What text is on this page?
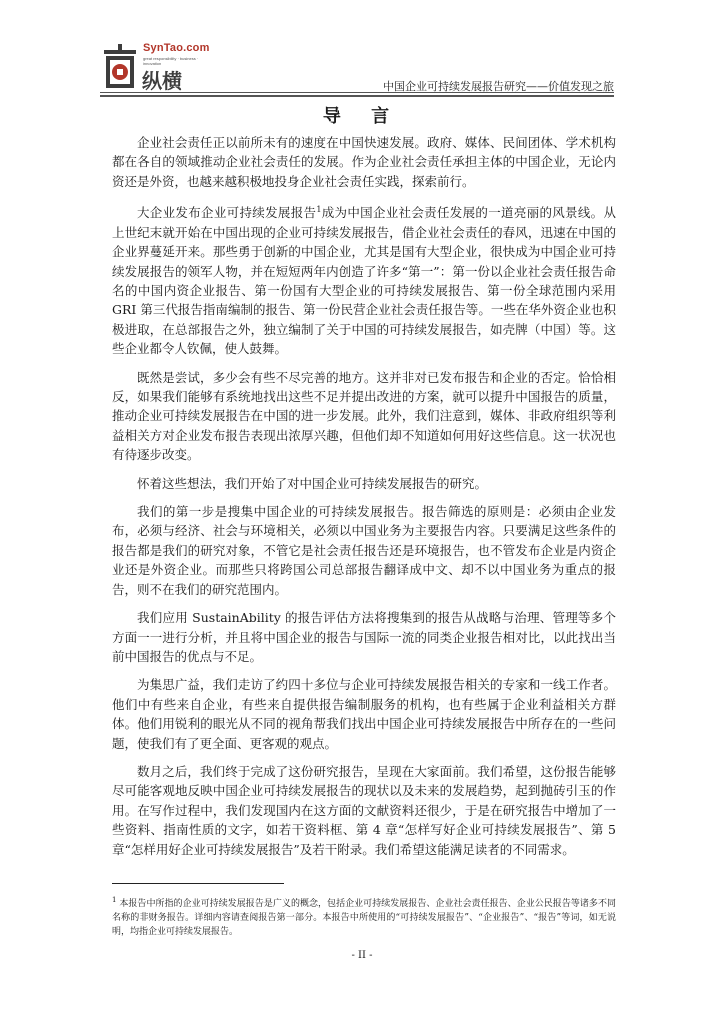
SynTao.com
great responsibility · business · innovation
纵横	中国企业可持续发展报告研究——价值发现之旅
导 言

企业社会责任正以前所未有的速度在中国快速发展。政府、媒体、民间团体、学术机构都在各自的领域推动企业社会责任的发展。作为企业社会责任承担主体的中国企业，无论内资还是外资，也越来越积极地投身企业社会责任实践，探索前行。

大企业发布企业可持续发展报告$^1$成为中国企业社会责任发展的一道亮丽的风景线。从上世纪末就开始在中国出现的企业可持续发展报告，借企业社会责任的春风，迅速在中国的企业界蔓延开来。那些勇于创新的中国企业，尤其是国有大型企业，很快成为中国企业可持续发展报告的领军人物，并在短短两年内创造了许多“第一”：第一份以企业社会责任报告命名的中国内资企业报告、第一份国有大型企业的可持续发展报告、第一份全球范围内采用 GRI 第三代报告指南编制的报告、第一份民营企业社会责任报告等。一些在华外资企业也积极进取，在总部报告之外，独立编制了关于中国的可持续发展报告，如壳牌（中国）等。这些企业都令人钦佩，使人鼓舞。

既然是尝试，多少会有些不尽完善的地方。这并非对已发布报告和企业的否定。恰恰相反，如果我们能够有系统地找出这些不足并提出改进的方案，就可以提升中国报告的质量，推动企业可持续发展报告在中国的进一步发展。此外，我们注意到，媒体、非政府组织等利益相关方对企业发布报告表现出浓厚兴趣，但他们却不知道如何用好这些信息。这一状况也有待逐步改变。

怀着这些想法，我们开始了对中国企业可持续发展报告的研究。

我们的第一步是搜集中国企业的可持续发展报告。报告筛选的原则是：必须由企业发布，必须与经济、社会与环境相关，必须以中国业务为主要报告内容。只要满足这些条件的报告都是我们的研究对象，不管它是社会责任报告还是环境报告，也不管发布企业是内资企业还是外资企业。而那些只将跨国公司总部报告翻译成中文、却不以中国业务为重点的报告，则不在我们的研究范围内。

我们应用 SustainAbility 的报告评估方法将搜集到的报告从战略与治理、管理等多个方面一一进行分析，并且将中国企业的报告与国际一流的同类企业报告相对比，以此找出当前中国报告的优点与不足。

为集思广益，我们走访了约四十多位与企业可持续发展报告相关的专家和一线工作者。他们中有些来自企业，有些来自提供报告编制服务的机构，也有些属于企业利益相关方群体。他们用锐利的眼光从不同的视角帮我们找出中国企业可持续发展报告中所存在的一些问题，使我们有了更全面、更客观的观点。

数月之后，我们终于完成了这份研究报告，呈现在大家面前。我们希望，这份报告能够尽可能客观地反映中国企业可持续发展报告的现状以及未来的发展趋势，起到抛砖引玉的作用。在写作过程中，我们发现国内在这方面的文献资料还很少，于是在研究报告中增加了一些资料、指南性质的文字，如若干资料框、第 4 章“怎样写好企业可持续发展报告”、第 5 章“怎样用好企业可持续发展报告”及若干附录。我们希望这能满足读者的不同需求。

$^1$ 本报告中所指的企业可持续发展报告是广义的概念，包括企业可持续发展报告、企业社会责任报告、企业公民报告等诸多不同名称的非财务报告。详细内容请查阅报告第一部分。本报告中所使用的“可持续发展报告”、“企业报告”、“报告”等词，如无说明，均指企业可持续发展报告。
- II -
